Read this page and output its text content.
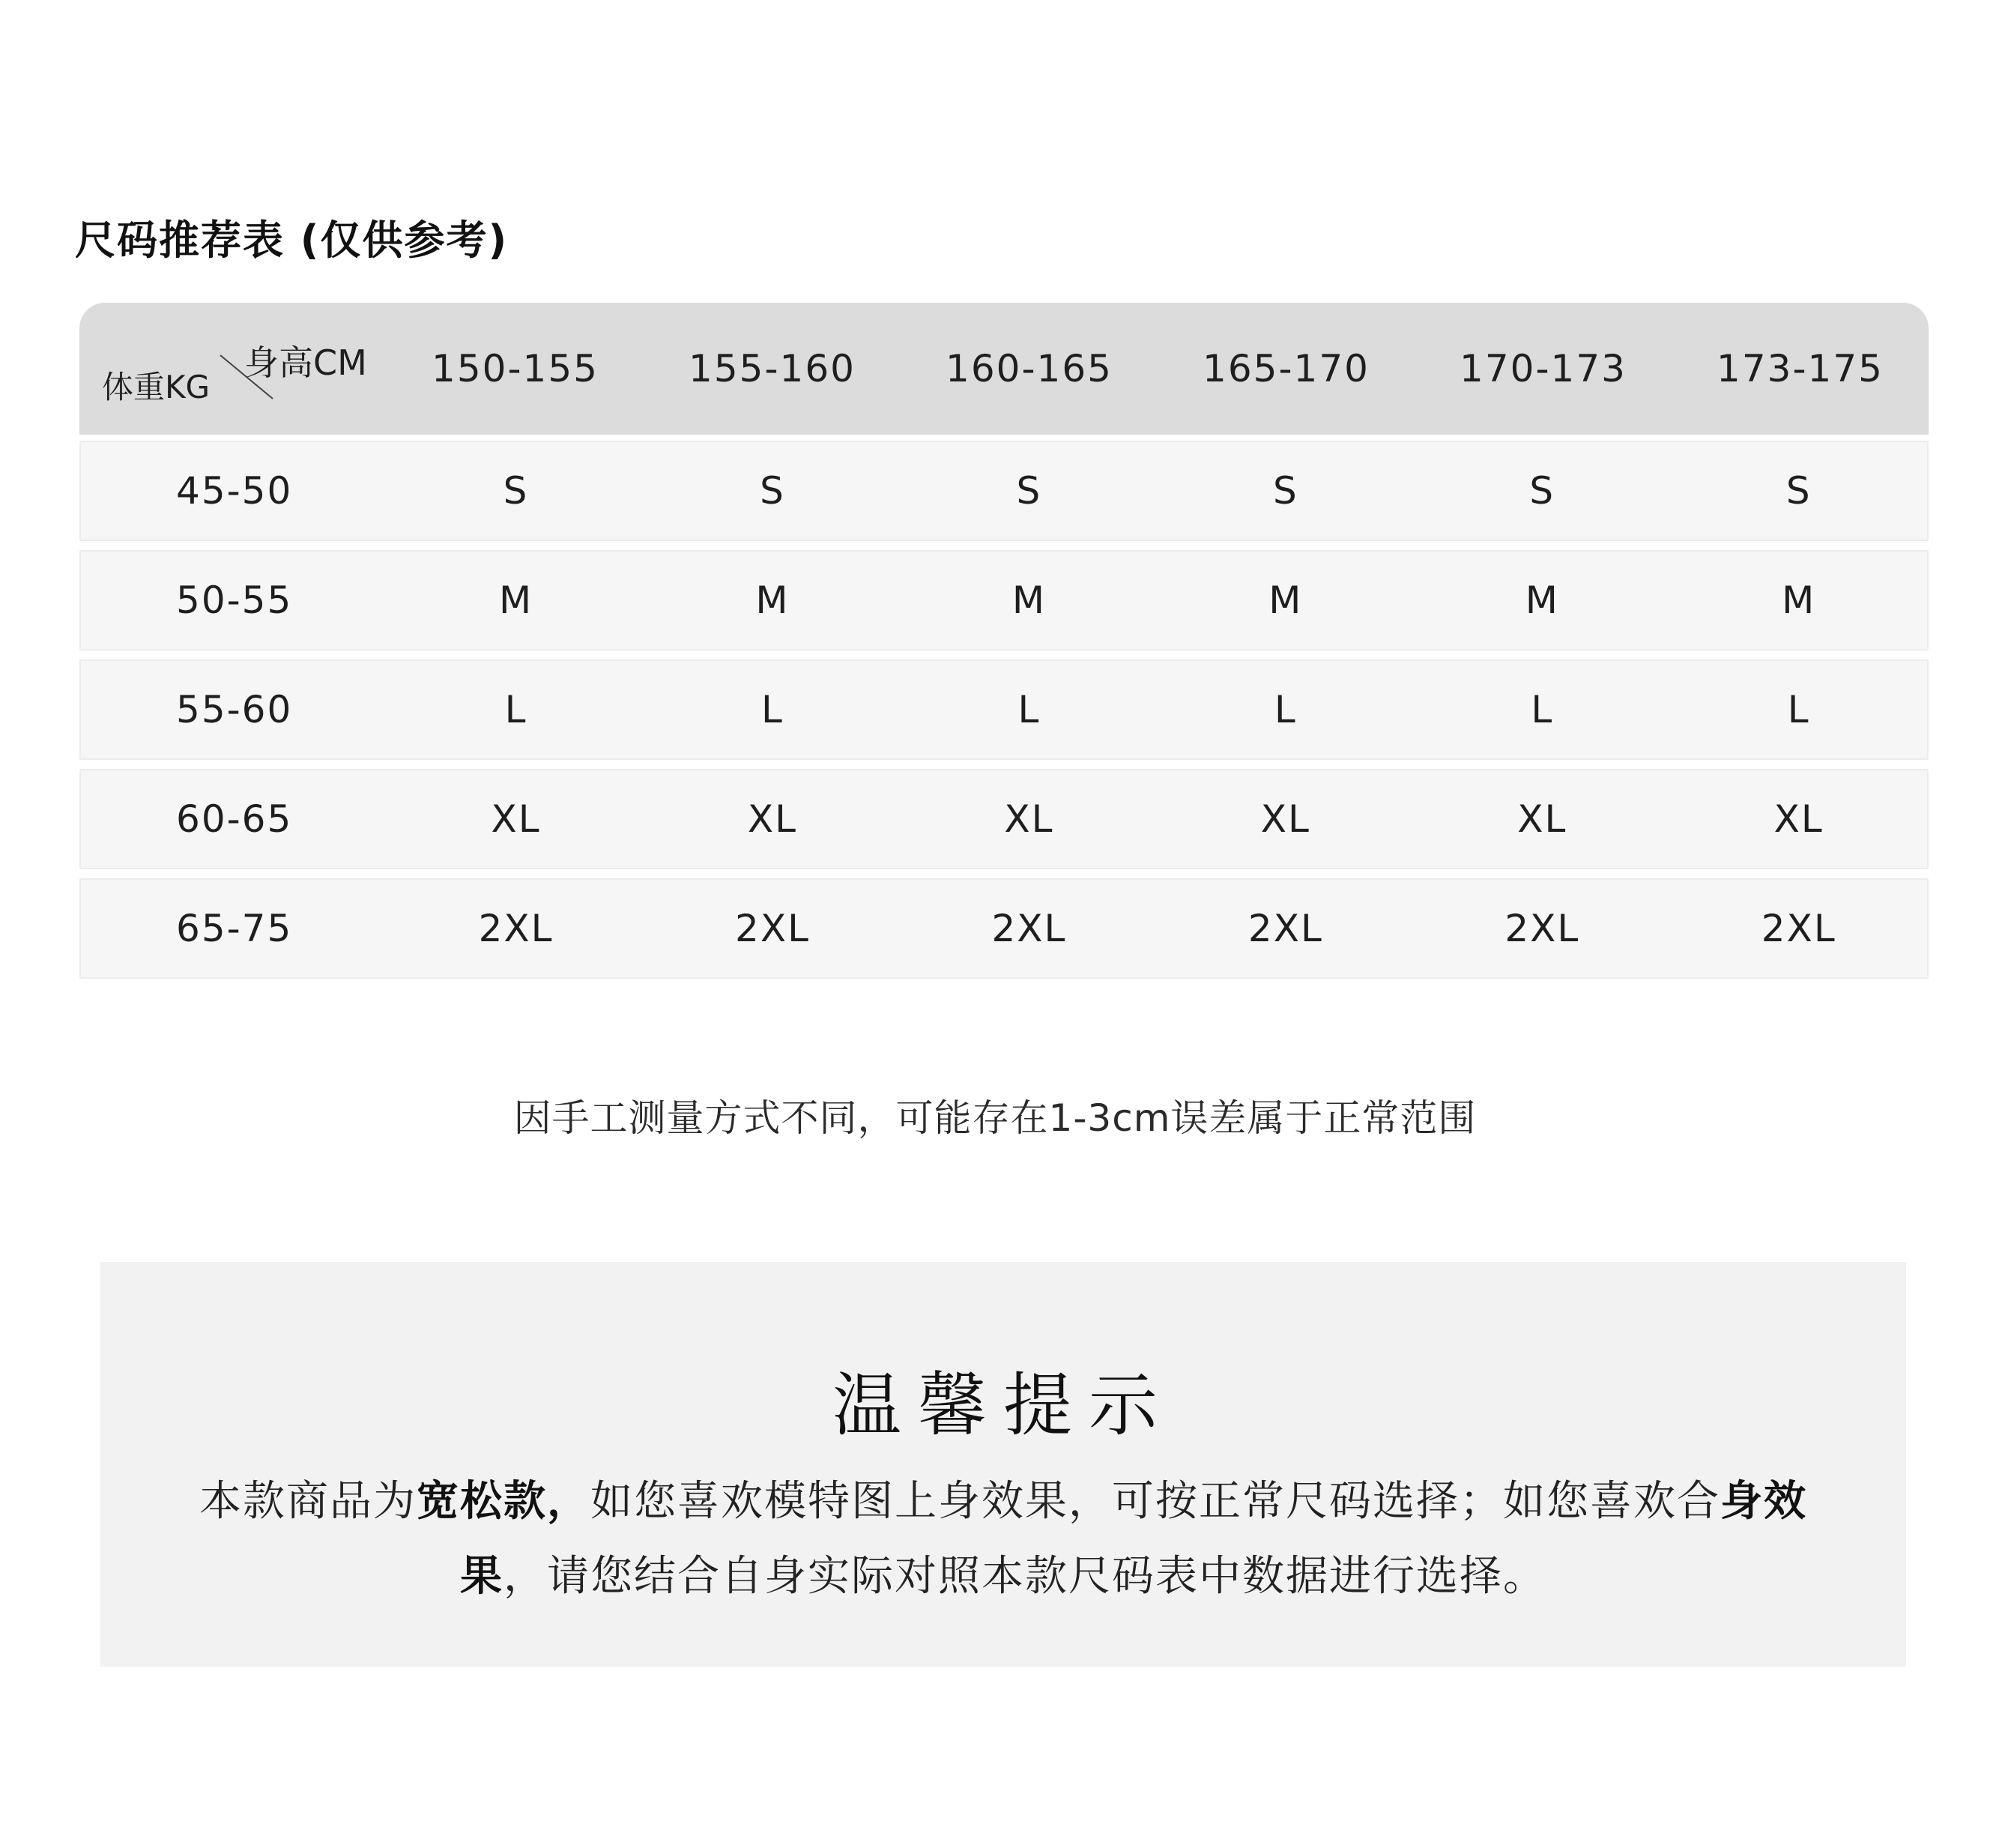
尺码推荐表 (仅供参考)
身高CM
体重KG	150-155	155-160	160-165	165-170	170-173	173-175
45-50	S	S	S	S	S	S
50-55	M	M	M	M	M	M
55-60	L	L	L	L	L	L
60-65	XL	XL	XL	XL	XL	XL
65-75	2XL	2XL	2XL	2XL	2XL	2XL
因手工测量方式不同，可能存在1-3cm误差属于正常范围
温馨提示
本款商品为宽松款，如您喜欢模特图上身效果，可按正常尺码选择；如您喜欢合身效果，请您结合自身实际对照本款尺码表中数据进行选择。
